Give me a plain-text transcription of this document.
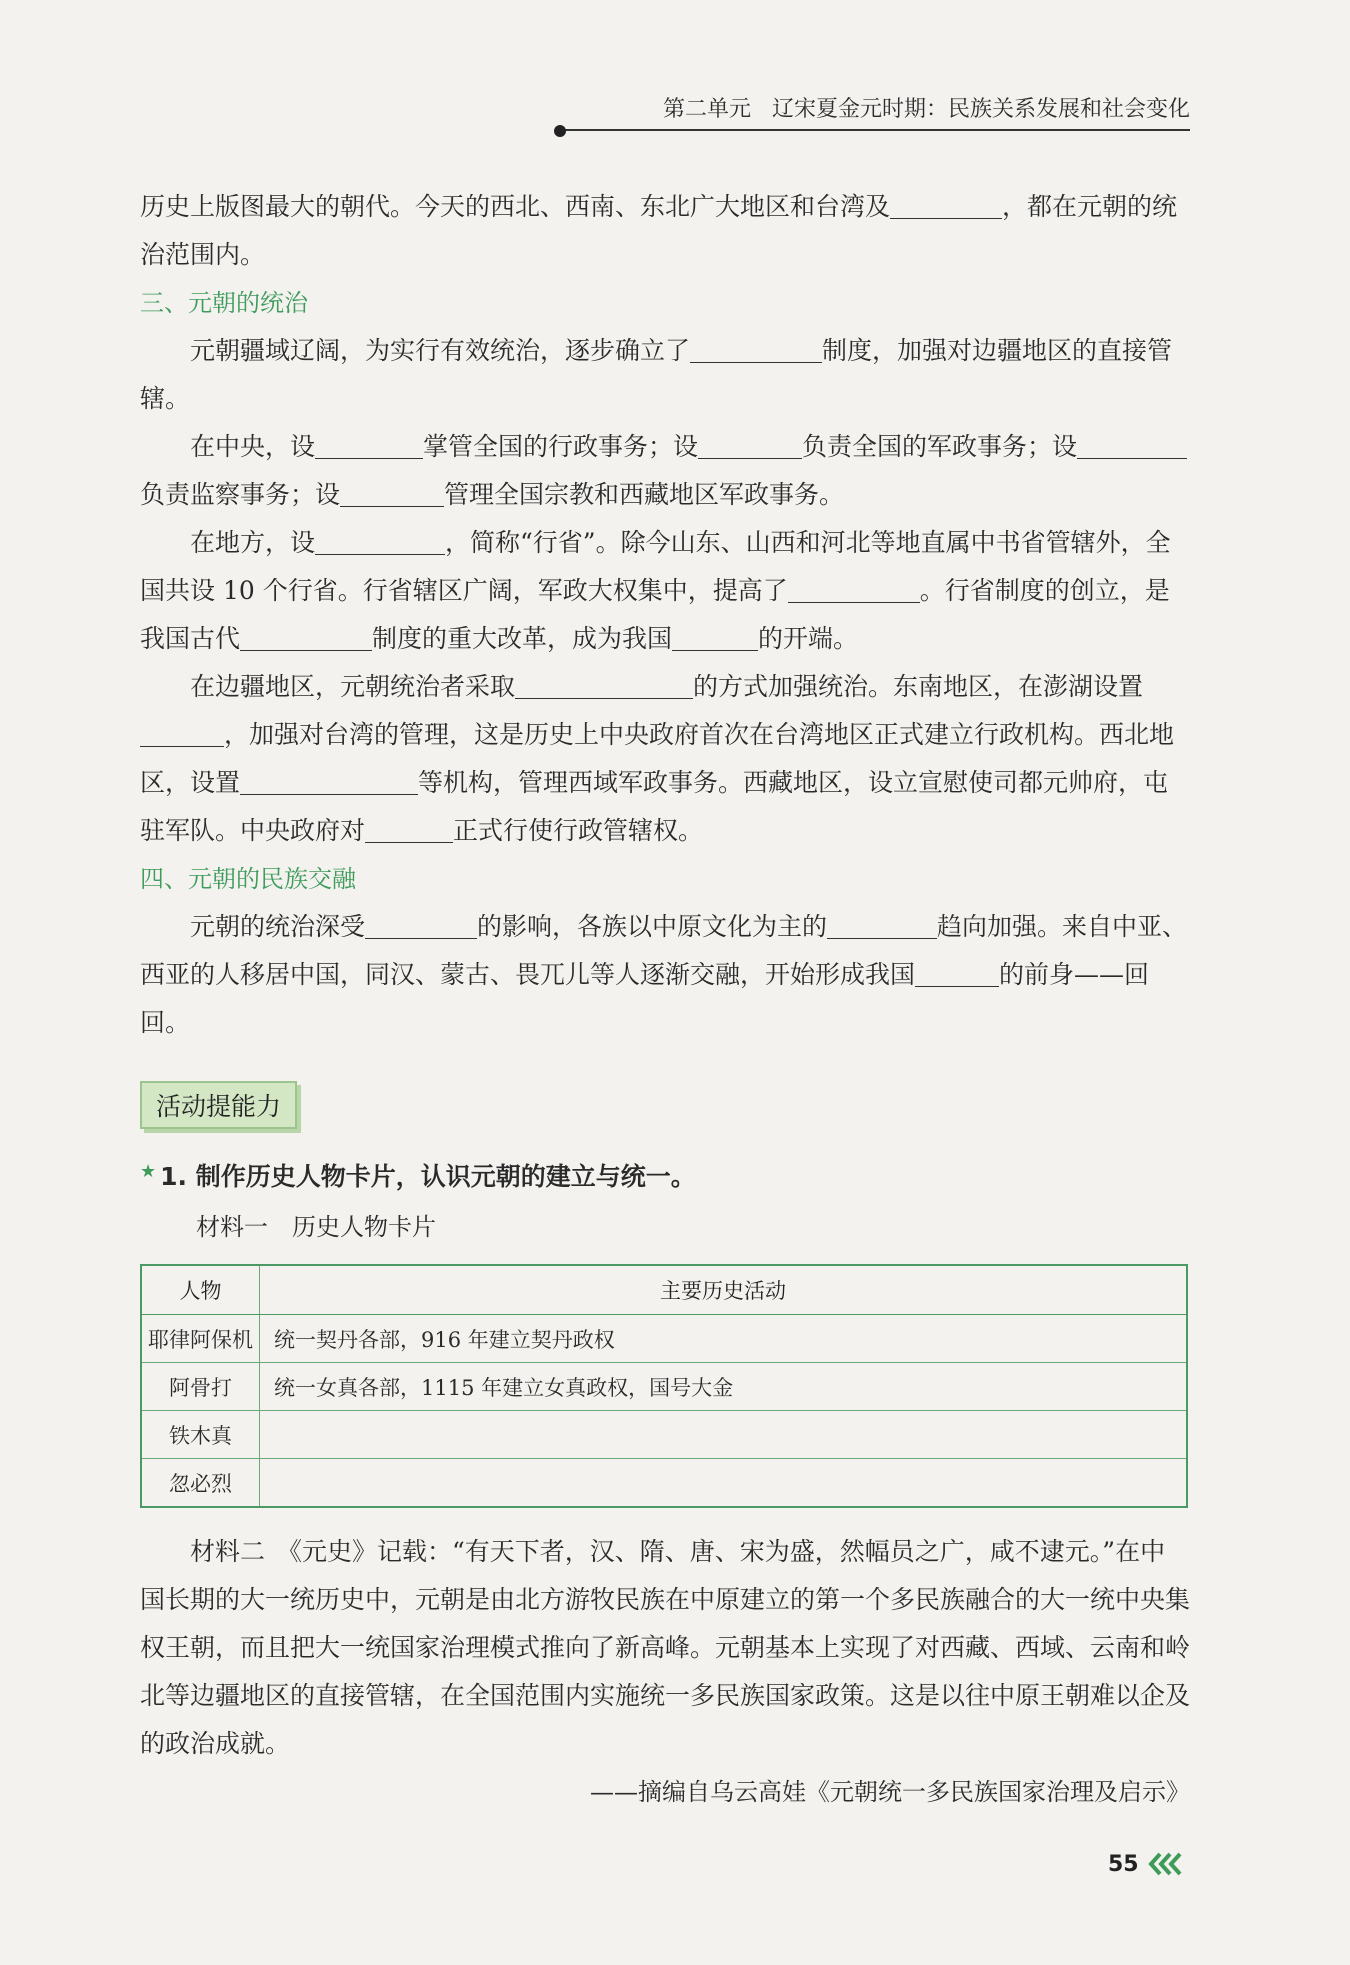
第二单元 辽宋夏金元时期：民族关系发展和社会变化

历史上版图最大的朝代。今天的西北、西南、东北广大地区和台湾及	，都在元朝的统治范围内。

三、元朝的统治

元朝疆域辽阔，为实行有效统治，逐步确立了	制度，加强对边疆地区的直接管辖。

在中央，设	掌管全国的行政事务；设	负责全国的军政事务；设负责监察事务；设	管理全国宗教和西藏地区军政事务。

在地方，设	，简称“行省”。除今山东、山西和河北等地直属中书省管辖外，全国共设 10 个行省。行省辖区广阔，军政大权集中，提高了	。行省制度的创立，是我国古代	制度的重大改革，成为我国	的开端。

在边疆地区，元朝统治者采取	的方式加强统治。东南地区，在澎湖设置，加强对台湾的管理，这是历史上中央政府首次在台湾地区正式建立行政机构。西北地区，设置	等机构，管理西域军政事务。西藏地区，设立宣慰使司都元帅府，屯驻军队。中央政府对	正式行使行政管辖权。

四、元朝的民族交融

元朝的统治深受	的影响，各族以中原文化为主的	趋向加强。来自中亚、西亚的人移居中国，同汉、蒙古、畏兀儿等人逐渐交融，开始形成我国	的前身——回回。

活动提能力
★ 1. 制作历史人物卡片，认识元朝的建立与统一。
材料一 历史人物卡片
人物	主要历史活动
耶律阿保机	统一契丹各部，916 年建立契丹政权
阿骨打	统一女真各部，1115 年建立女真政权，国号大金
铁木真	
忽必烈	

材料二 《元史》记载：“有天下者，汉、隋、唐、宋为盛，然幅员之广，咸不逮元。”在中国长期的大一统历史中，元朝是由北方游牧民族在中原建立的第一个多民族融合的大一统中央集权王朝，而且把大一统国家治理模式推向了新高峰。元朝基本上实现了对西藏、西域、云南和岭北等边疆地区的直接管辖，在全国范围内实施统一多民族国家政策。这是以往中原王朝难以企及的政治成就。

——摘编自乌云高娃《元朝统一多民族国家治理及启示》

55
